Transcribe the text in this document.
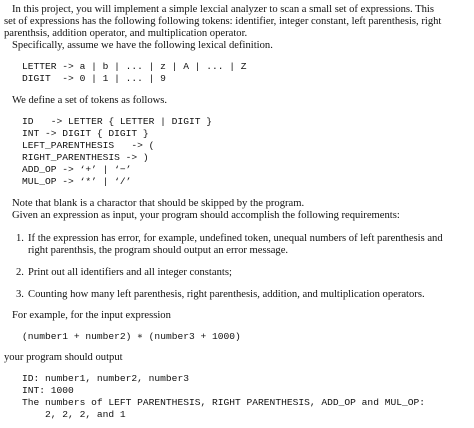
In this project, you will implement a simple lexcial analyzer to scan a small set of expressions. This
set of expressions has the following following tokens: identifier, integer constant, left parenthesis, right
parenthsis, addition operator, and multiplication operator.
Specifically, assume we have the following lexical definition.
LETTER -> a | b | ... | z | A | ... | Z
DIGIT  -> 0 | 1 | ... | 9
We define a set of tokens as follows.
ID   -> LETTER { LETTER | DIGIT }
INT -> DIGIT { DIGIT }
LEFT_PARENTHESIS   -> (
RIGHT_PARENTHESIS -> )
ADD_OP -> ‘+’ | ‘−’
MUL_OP -> ‘*’ | ‘/’
Note that blank is a charactor that should be skipped by the program.
Given an expression as input, your program should accomplish the following requirements:
1. If the expression has error, for example, undefined token, unequal numbers of left parenthesis and
right parenthsis, the program should output an error message.
2. Print out all identifiers and all integer constants;
3. Counting how many left parenthesis, right parenthesis, addition, and multiplication operators.
For example, for the input expression
(number1 + number2) ∗ (number3 + 1000)
your program should output
ID: number1, number2, number3
INT: 1000
The numbers of LEFT PARENTHESIS, RIGHT PARENTHESIS, ADD_OP and MUL_OP:
2, 2, 2, and 1
